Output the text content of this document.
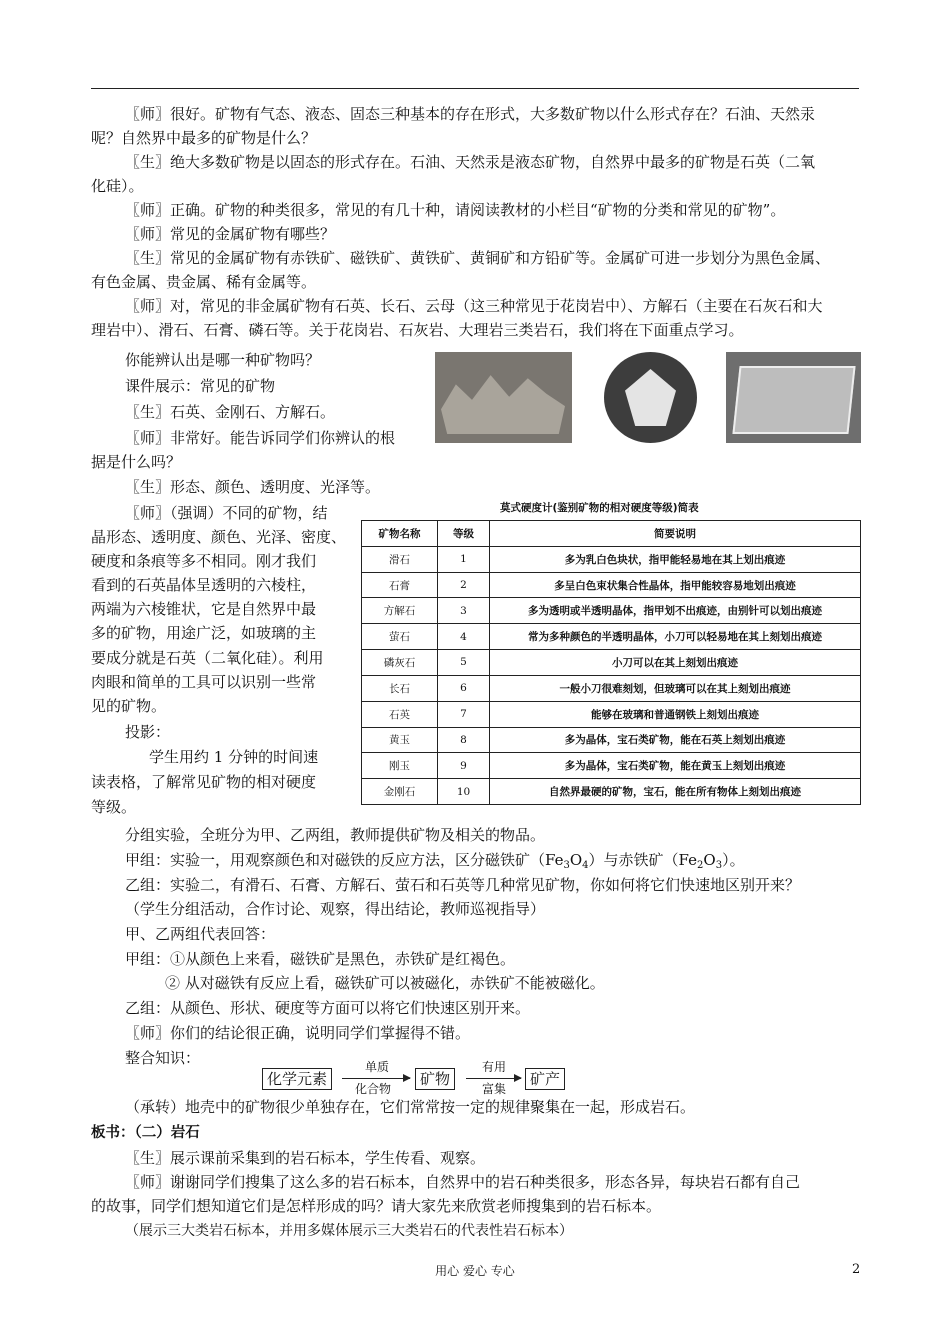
〖师〗很好。矿物有气态、液态、固态三种基本的存在形式，大多数矿物以什么形式存在？石油、天然汞
呢？自然界中最多的矿物是什么？
〖生〗绝大多数矿物是以固态的形式存在。石油、天然汞是液态矿物，自然界中最多的矿物是石英（二氧
化硅）。
〖师〗正确。矿物的种类很多，常见的有几十种，请阅读教材的小栏目“矿物的分类和常见的矿物”。
〖师〗常见的金属矿物有哪些？
〖生〗常见的金属矿物有赤铁矿、磁铁矿、黄铁矿、黄铜矿和方铅矿等。金属矿可进一步划分为黑色金属、
有色金属、贵金属、稀有金属等。
〖师〗对，常见的非金属矿物有石英、长石、云母（这三种常见于花岗岩中）、方解石（主要在石灰石和大
理岩中）、滑石、石膏、磷石等。关于花岗岩、石灰岩、大理岩三类岩石，我们将在下面重点学习。
你能辨认出是哪一种矿物吗？
课件展示：常见的矿物
〖生〗石英、金刚石、方解石。
〖师〗非常好。能告诉同学们你辨认的根
据是什么吗？
〖生〗形态、颜色、透明度、光泽等。
〖师〗（强调）不同的矿物，结
晶形态、透明度、颜色、光泽、密度、
硬度和条痕等多不相同。刚才我们
看到的石英晶体呈透明的六棱柱，
两端为六棱锥状，它是自然界中最
多的矿物，用途广泛，如玻璃的主
要成分就是石英（二氧化硅）。利用
肉眼和简单的工具可以识别一些常
见的矿物。
投影：
学生用约 1 分钟的时间速
读表格，了解常见矿物的相对硬度
等级。
分组实验，全班分为甲、乙两组，教师提供矿物及相关的物品。
甲组：实验一，用观察颜色和对磁铁的反应方法，区分磁铁矿$(Fe_3O_4)$与赤铁矿$(Fe_2O_3)$。
乙组：实验二，有滑石、石膏、方解石、萤石和石英等几种常见矿物，你如何将它们快速地区别开来？
（学生分组活动，合作讨论、观察，得出结论，教师巡视指导）
甲、乙两组代表回答：
甲组：①从颜色上来看，磁铁矿是黑色，赤铁矿是红褐色。
② 从对磁铁有反应上看，磁铁矿可以被磁化，赤铁矿不能被磁化。
乙组：从颜色、形状、硬度等方面可以将它们快速区别开来。
〖师〗你们的结论很正确，说明同学们掌握得不错。
整合知识：
（承转）地壳中的矿物很少单独存在，它们常常按一定的规律聚集在一起，形成岩石。
板书：（二）岩石
〖生〗展示课前采集到的岩石标本，学生传看、观察。
〖师〗谢谢同学们搜集了这么多的岩石标本，自然界中的岩石种类很多，形态各异，每块岩石都有自己
的故事，同学们想知道它们是怎样形成的吗？请大家先来欣赏老师搜集到的岩石标本。
（展示三大类岩石标本，并用多媒体展示三大类岩石的代表性岩石标本）
莫式硬度计(鉴别矿物的相对硬度等级)简表
矿物名称	等级	简要说明
滑石	1	多为乳白色块状，指甲能轻易地在其上划出痕迹
石膏	2	多呈白色束状集合性晶体，指甲能较容易地划出痕迹
方解石	3	多为透明或半透明晶体，指甲划不出痕迹，由别针可以划出痕迹
萤石	4	常为多种颜色的半透明晶体，小刀可以轻易地在其上刻划出痕迹
磷灰石	5	小刀可以在其上刻划出痕迹
长石	6	一般小刀很难刻划，但玻璃可以在其上刻划出痕迹
石英	7	能够在玻璃和普通钢铁上刻划出痕迹
黄玉	8	多为晶体，宝石类矿物，能在石英上刻划出痕迹
刚玉	9	多为晶体，宝石类矿物，能在黄玉上刻划出痕迹
金刚石	10	自然界最硬的矿物，宝石，能在所有物体上刻划出痕迹
化学元素
单质
化合物
矿物
有用
富集
矿产
用心 爱心 专心	2
